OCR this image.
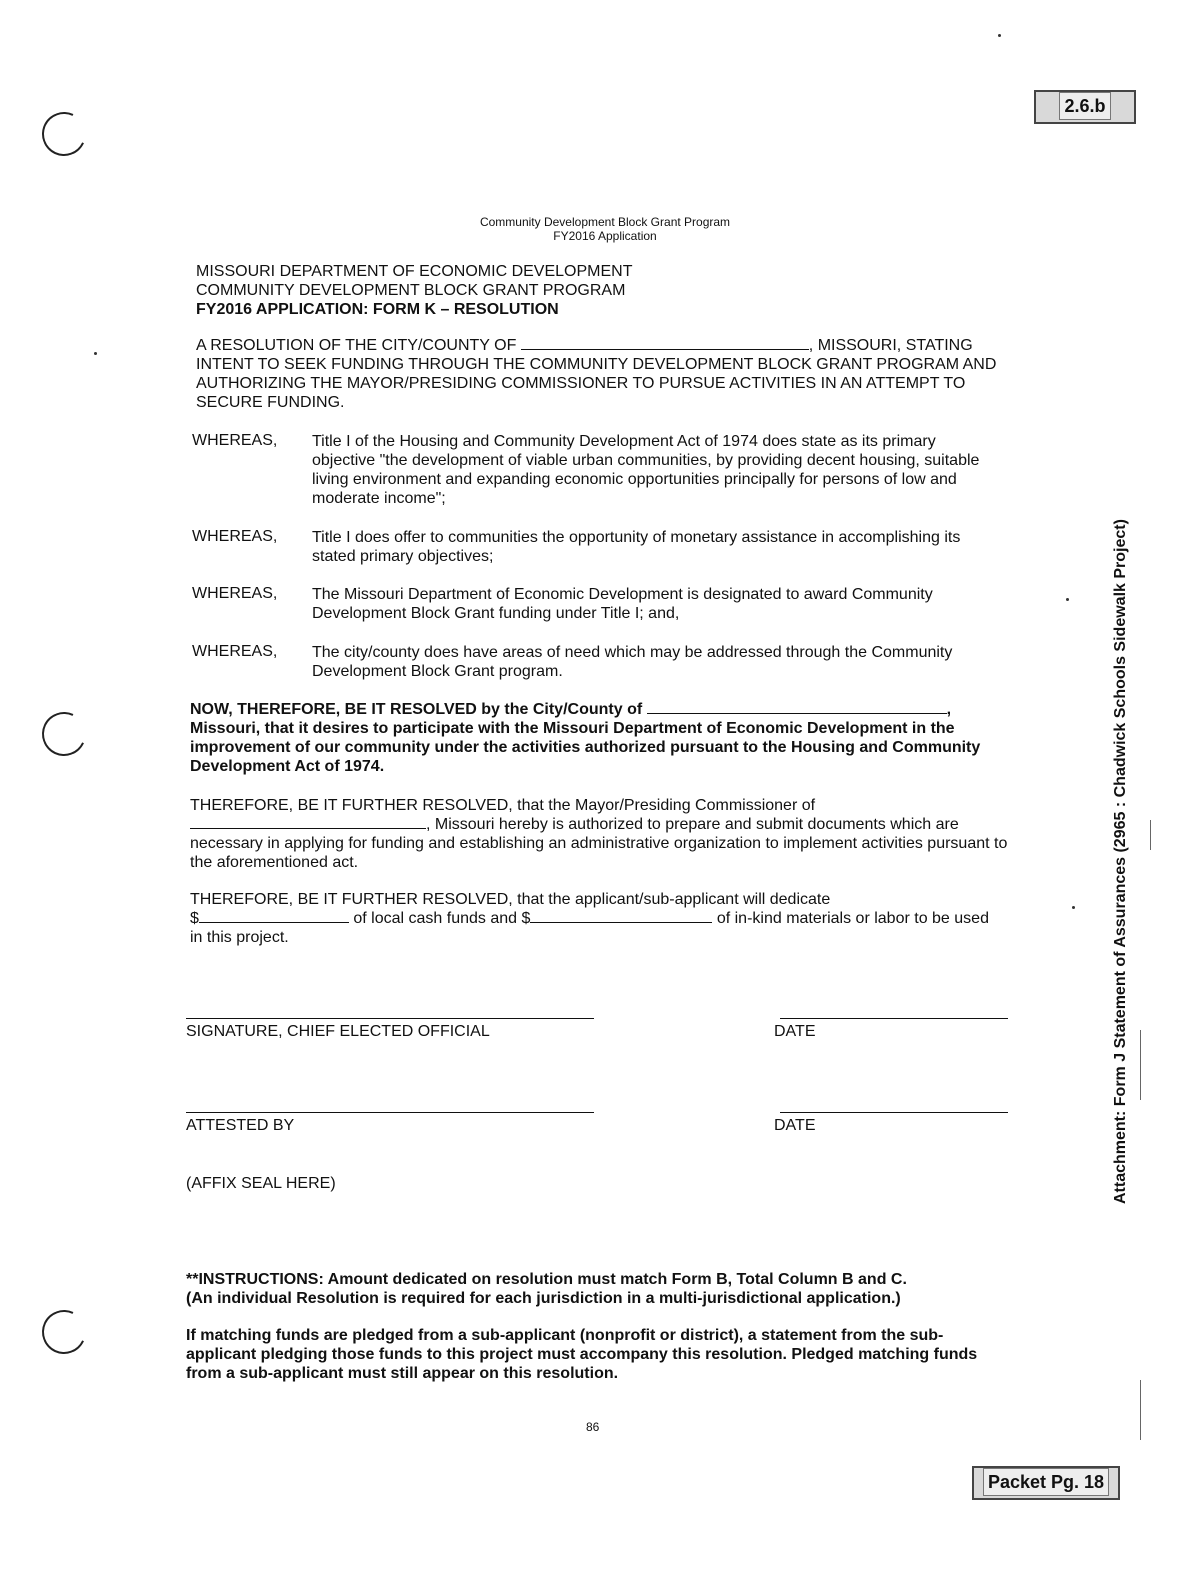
2.6.b
Packet Pg. 18
Attachment: Form J Statement of Assurances (2965 : Chadwick Schools Sidewalk Project)
Community Development Block Grant Program
FY2016 Application
MISSOURI DEPARTMENT OF ECONOMIC DEVELOPMENT
COMMUNITY DEVELOPMENT BLOCK GRANT PROGRAM
FY2016 APPLICATION: FORM K – RESOLUTION
A RESOLUTION OF THE CITY/COUNTY OF	, MISSOURI, STATING
INTENT TO SEEK FUNDING THROUGH THE COMMUNITY DEVELOPMENT BLOCK GRANT PROGRAM AND
AUTHORIZING THE MAYOR/PRESIDING COMMISSIONER TO PURSUE ACTIVITIES IN AN ATTEMPT TO
SECURE FUNDING.
WHEREAS, Title I of the Housing and Community Development Act of 1974 does state as its primary objective "the development of viable urban communities, by providing decent housing, suitable living environment and expanding economic opportunities principally for persons of low and moderate income";
WHEREAS, Title I does offer to communities the opportunity of monetary assistance in accomplishing its stated primary objectives;
WHEREAS, The Missouri Department of Economic Development is designated to award Community Development Block Grant funding under Title I; and,
WHEREAS, The city/county does have areas of need which may be addressed through the Community Development Block Grant program.
NOW, THEREFORE, BE IT RESOLVED by the City/County of	,
Missouri, that it desires to participate with the Missouri Department of Economic Development in the improvement of our community under the activities authorized pursuant to the Housing and Community Development Act of 1974.
THEREFORE, BE IT FURTHER RESOLVED, that the Mayor/Presiding Commissioner of
, Missouri hereby is authorized to prepare and submit documents which are
necessary in applying for funding and establishing an administrative organization to implement activities pursuant to the aforementioned act.
THEREFORE, BE IT FURTHER RESOLVED, that the applicant/sub-applicant will dedicate
$	of local cash funds and $	of in-kind materials or labor to be used
in this project.
SIGNATURE, CHIEF ELECTED OFFICIAL	DATE
ATTESTED BY	DATE
(AFFIX SEAL HERE)
**INSTRUCTIONS: Amount dedicated on resolution must match Form B, Total Column B and C.
(An individual Resolution is required for each jurisdiction in a multi-jurisdictional application.)
If matching funds are pledged from a sub-applicant (nonprofit or district), a statement from the sub-applicant pledging those funds to this project must accompany this resolution. Pledged matching funds from a sub-applicant must still appear on this resolution.
86
